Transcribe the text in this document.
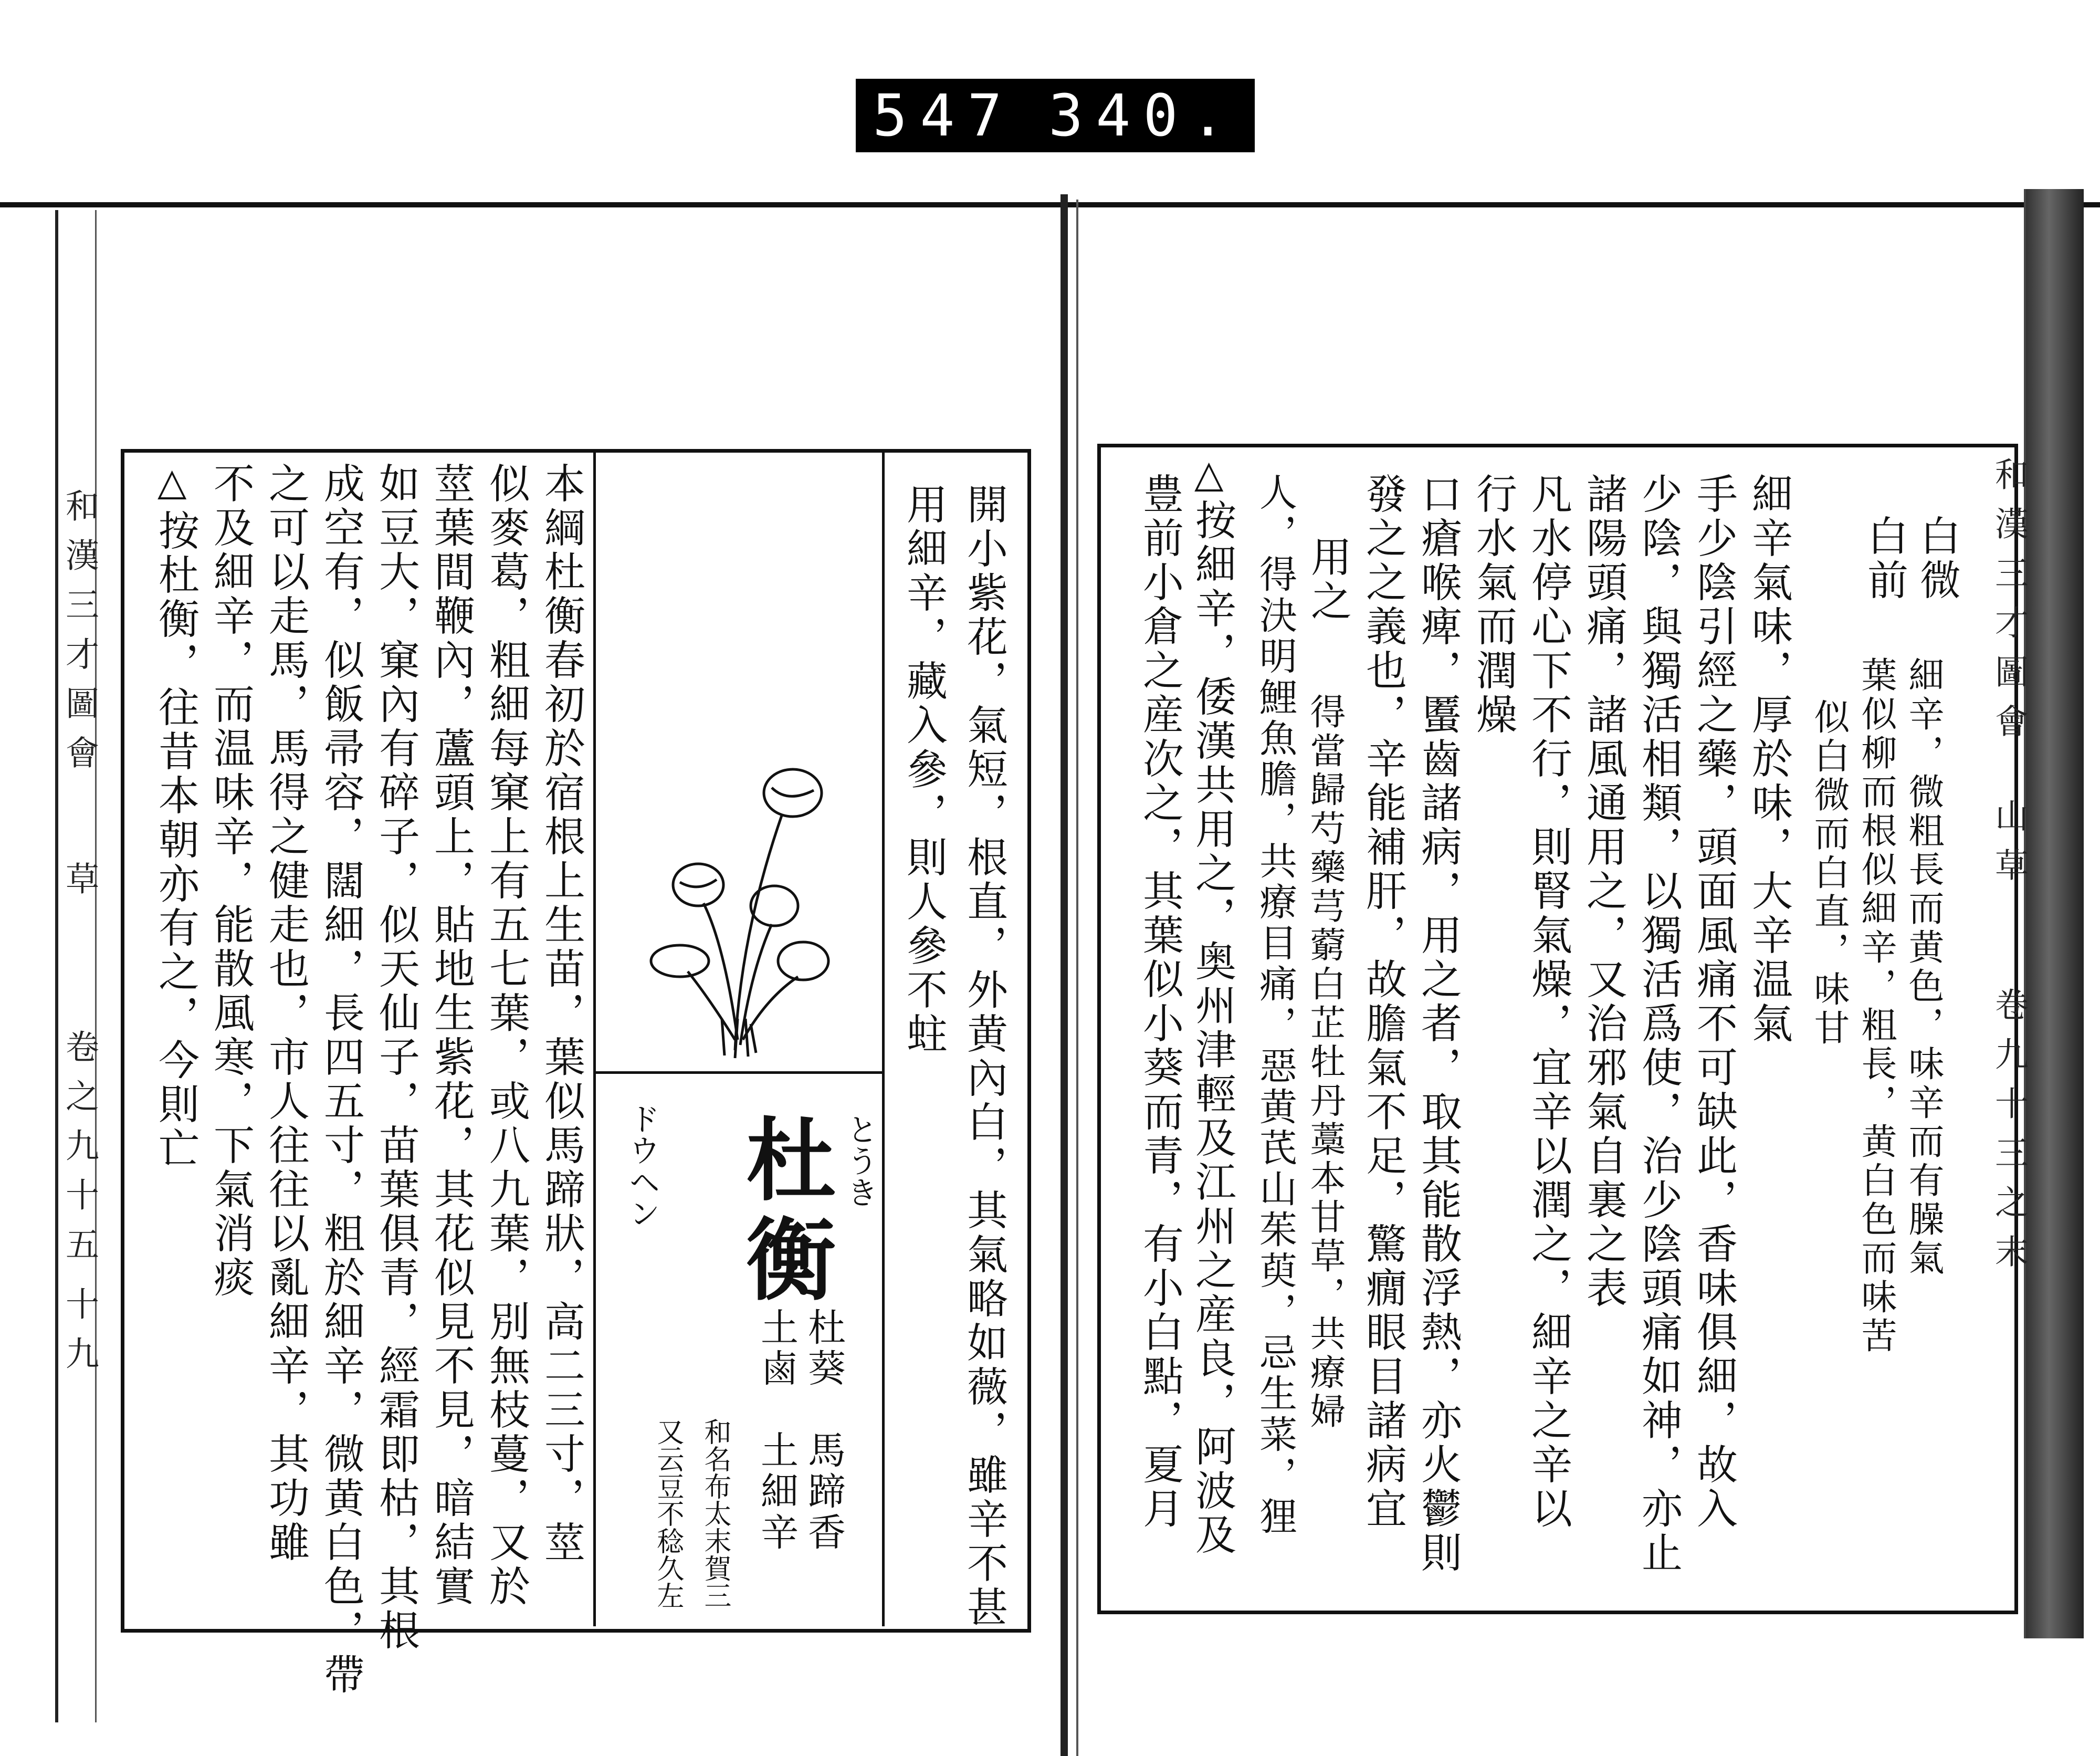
547 340.
和漢三才圖會
草
卷之九十五
十九	開小紫花，氣短，根直，外黄內白，其氣略如薇，雖辛不甚
用細辛，藏入參，則人參不蛀
とうき
杜衡
ドウヘン
杜葵　馬蹄香
土鹵　土細辛
和名布太末賀三
又云豆不稔久左
本綱杜衡春初於宿根上生苗，葉似馬蹄狀，高二三寸，莖
似麥葛，粗細每窠上有五七葉，或八九葉，別無枝蔓，又於
莖葉間鞭內，蘆頭上，貼地生紫花，其花似見不見，暗結實
如豆大，窠內有碎子，似天仙子，苗葉俱青，經霜即枯，其根
成空有，似飯帚容，闊細，長四五寸，粗於細辛，微黄白色，帶
之可以走馬，馬得之健走也，市人往往以亂細辛，其功雖
不及細辛，而温味辛，能散風寒，下氣消痰
△
按杜衡，往昔本朝亦有之，今則亡	和漢三才圖會
山草
卷九十三之末
白微
白前
細辛，微粗長而黄色，味辛而有臊氣
葉似柳而根似細辛，粗長，黄白色而味苦
似白微而白直，味甘
細辛氣味，厚於味，大辛温氣
手少陰引經之藥，頭面風痛不可缺此，香味俱細，故入
少陰，與獨活相類，以獨活爲使，治少陰頭痛如神，亦止
諸陽頭痛，諸風通用之，又治邪氣自裏之表
凡水停心下不行，則腎氣燥，宜辛以潤之，細辛之辛以
行水氣而潤燥
口瘡喉痺，𧏾齒諸病，用之者，取其能散浮熱，亦火鬱則
發之之義也，辛能補肝，故膽氣不足，驚癇眼目諸病宜
用之
得當歸芍藥芎藭白芷牡丹藁本甘草，共療婦
人，得決明鯉魚膽，共療目痛，惡黄芪山茱萸，忌生菜，狸
△
按細辛，倭漢共用之，奥州津輕及江州之産良，阿波及
豊前小倉之産次之，其葉似小葵而青，有小白點，夏月
